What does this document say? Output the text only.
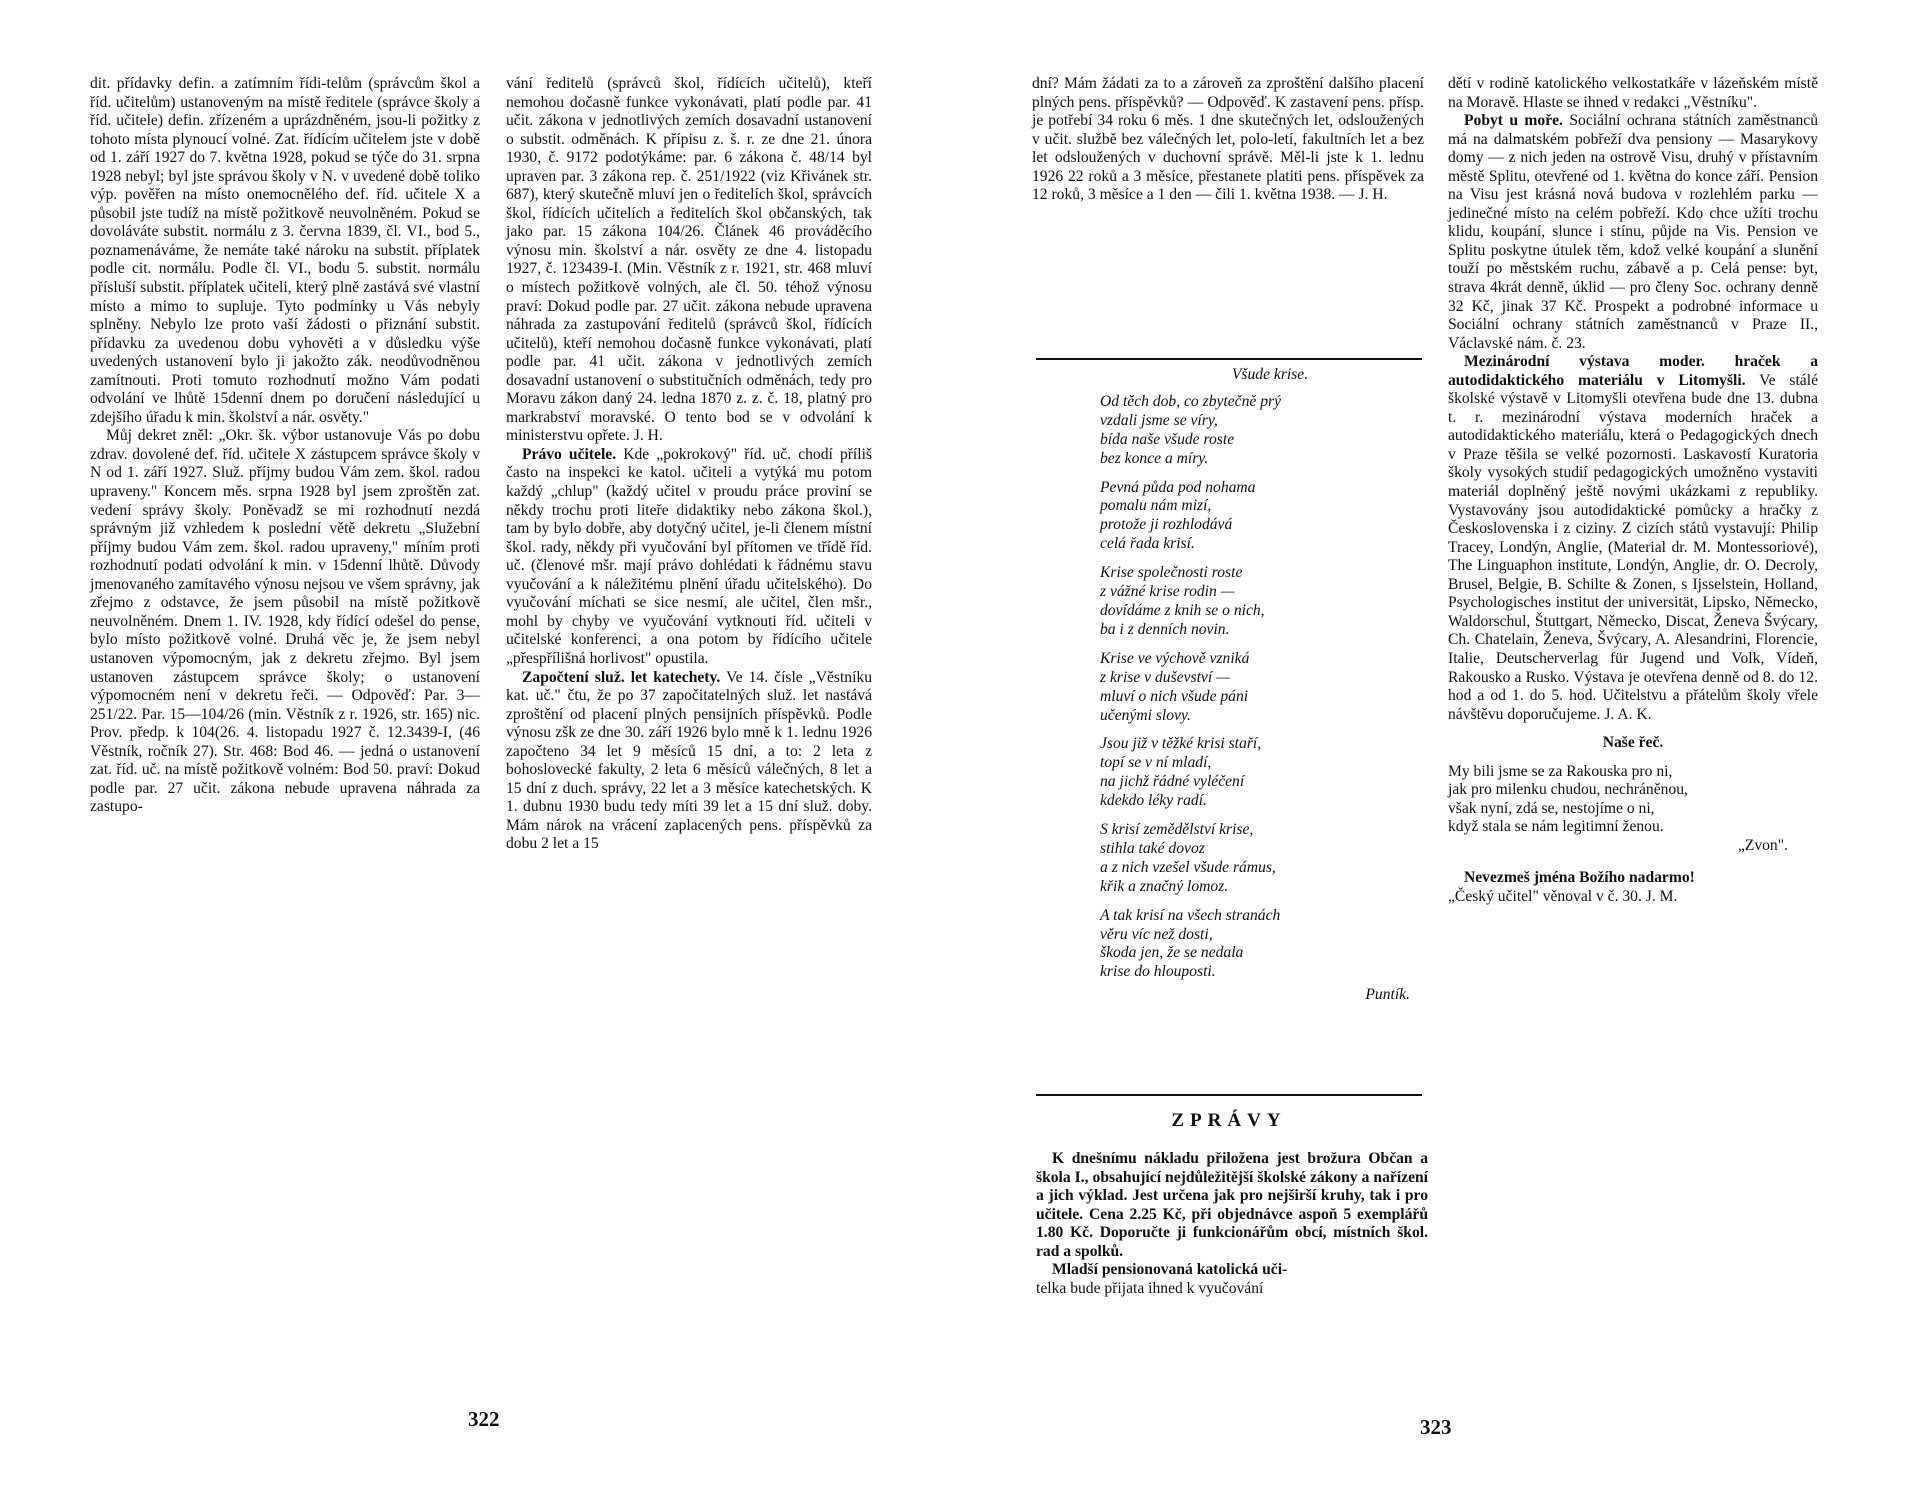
dit. přídavky defin. a zatímním řídi-telům (správcům škol a říd. učitelům) ustanoveným na místě ředitele (správce školy a říd. učitele) defin. zřízeném a uprázdněném, jsou-li požitky z tohoto místa plynoucí volné. Zat. řídícím učitelem jste v době od 1. září 1927 do 7. května 1928, pokud se týče do 31. srpna 1928 nebyl; byl jste správou školy v N. v uvedené době toliko výp. pověřen na místo onemocnělého def. říd. učitele X a působil jste tudíž na místě požitkově neuvolněném. Pokud se dovoláváte substit. normálu z 3. června 1839, čl. VI., bod 5., poznamenáváme, že nemáte také nároku na substit. příplatek podle cit. normálu. Podle čl. VI., bodu 5. substit. normálu přísluší substit. příplatek učiteli, který plně zastává své vlastní místo a mimo to supluje. Tyto podmínky u Vás nebyly splněny. Nebylo lze proto vaší žádosti o přiznání substit. přídavku za uvedenou dobu vyhověti a v důsledku výše uvedených ustanovení bylo ji jakožto zák. neodůvodněnou zamítnouti. Proti tomuto rozhodnutí možno Vám podati odvolání ve lhůtě 15denní dnem po doručení následující u zdejšího úřadu k min. školství a nár. osvěty."

Můj dekret zněl: „Okr. šk. výbor ustanovuje Vás po dobu zdrav. dovolené def. říd. učitele X zástupcem správce školy v N od 1. září 1927. Služ. příjmy budou Vám zem. škol. radou upraveny." Koncem měs. srpna 1928 byl jsem zproštěn zat. vedení správy školy. Poněvadž se mi rozhodnutí nezdá správným již vzhledem k poslední větě dekretu „Služební příjmy budou Vám zem. škol. radou upraveny," míním proti rozhodnutí podati odvolání k min. v 15denní lhůtě. Důvody jmenovaného zamítavého výnosu nejsou ve všem správny, jak zřejmo z odstavce, že jsem působil na místě požitkově neuvolněném. Dnem 1. IV. 1928, kdy řídící odešel do pense, bylo místo požitkově volné. Druhá věc je, že jsem nebyl ustanoven výpomocným, jak z dekretu zřejmo. Byl jsem ustanoven zástupcem správce školy; o ustanovení výpomocném není v dekretu řeči. — Odpověď: Par. 3—251/22. Par. 15—104/26 (min. Věstník z r. 1926, str. 165) nic. Prov. předp. k 104(26. 4. listopadu 1927 č. 12.3439-I, (46 Věstník, ročník 27). Str. 468: Bod 46. — jedná o ustanovení zat. říd. uč. na místě požitkově volném: Bod 50. praví: Dokud podle par. 27 učit. zákona nebude upravena náhrada za zastupo-

vání ředitelů (správců škol, řídících učitelů), kteří nemohou dočasně funkce vykonávati, platí podle par. 41 učit. zákona v jednotlivých zemích dosavadní ustanovení o substit. odměnách. K přípisu z. š. r. ze dne 21. února 1930, č. 9172 podotýkáme: par. 6 zákona č. 48/14 byl upraven par. 3 zákona rep. č. 251/1922 (viz Křivánek str. 687), který skutečně mluví jen o ředitelích škol, správcích škol, řídících učitelích a ředitelích škol občanských, tak jako par. 15 zákona 104/26. Článek 46 prováděcího výnosu min. školství a nár. osvěty ze dne 4. listopadu 1927, č. 123439-I. (Min. Věstník z r. 1921, str. 468 mluví o místech požitkově volných, ale čl. 50. téhož výnosu praví: Dokud podle par. 27 učit. zákona nebude upravena náhrada za zastupování ředitelů (správců škol, řídících učitelů), kteří nemohou dočasně funkce vykonávati, platí podle par. 41 učit. zákona v jednotlivých zemích dosavadní ustanovení o substitučních odměnách, tedy pro Moravu zákon daný 24. ledna 1870 z. z. č. 18, platný pro markrabství moravské. O tento bod se v odvolání k ministerstvu opřete. J. H.

Právo učitele. Kde „pokrokový" říd. uč. chodí příliš často na inspekci ke katol. učiteli a vytýká mu potom každý „chlup" (každý učitel v proudu práce proviní se někdy trochu proti liteře didaktiky nebo zákona škol.), tam by bylo dobře, aby dotyčný učitel, je-li členem místní škol. rady, někdy při vyučování byl přítomen ve třídě říd. uč. (členové mšr. mají právo dohlédati k řádnému stavu vyučování a k náležitému plnění úřadu učitelského). Do vyučování míchati se sice nesmí, ale učitel, člen mšr., mohl by chyby ve vyučování vytknouti říd. učiteli v učitelské konferenci, a ona potom by řídícího učitele „přespřílišná horlivost" opustila.

Započtení služ. let katechety. Ve 14. čísle „Věstníku kat. uč." čtu, že po 37 započitatelných služ. let nastává zproštění od placení plných pensijních příspěvků. Podle výnosu zšk ze dne 30. září 1926 bylo mně k 1. lednu 1926 započteno 34 let 9 měsíců 15 dní, a to: 2 leta z bohoslovecké fakulty, 2 leta 6 měsíců válečných, 8 let a 15 dní z duch. správy, 22 let a 3 měsíce katechetských. K 1. dubnu 1930 budu tedy míti 39 let a 15 dní služ. doby. Mám nárok na vrácení zaplacených pens. příspěvků za dobu 2 let a 15

322

dní? Mám žádati za to a zároveň za zproštění dalšího placení plných pens. příspěvků? — Odpověď. K zastavení pens. přísp. je potřebí 34 roku 6 měs. 1 dne skutečných let, odsloužených v učit. službě bez válečných let, polo-letí, fakultních let a bez let odsloužených v duchovní správě. Měl-li jste k 1. lednu 1926 22 roků a 3 měsíce, přestanete platiti pens. příspěvek za 12 roků, 3 měsíce a 1 den — čili 1. května 1938. — J. H.

Všude krise.
Od těch dob, co zbytečně prý
vzdali jsme se víry,
bída naše všude roste
bez konce a míry.
Pevná půda pod nohama
pomalu nám mizí,
protože ji rozhlodává
celá řada krisí.
Krise společnosti roste
z vážné krise rodin —
dovídáme z knih se o nich,
ba i z denních novin.
Krise ve výchově vzniká
z krise v duševství —
mluví o nich všude páni
učenými slovy.
Jsou již v těžké krisi staří,
topí se v ní mladí,
na jichž řádné vyléčení
kdekdo léky radí.
S krisí zemědělství krise,
stihla také dovoz
a z nich vzešel všude rámus,
křik a značný lomoz.
A tak krisí na všech stranách
věru víc než dosti,
škoda jen, že se nedala
krise do hlouposti.
Puntík.
ZPRÁVY

K dnešnímu nákladu přiložena jest brožura Občan a škola I., obsahující nejdůležitější školské zákony a nařízení a jich výklad. Jest určena jak pro nejširší kruhy, tak i pro učitele. Cena 2.25 Kč, při objednávce aspoň 5 exemplářů 1.80 Kč. Doporučte ji funkcionářům obcí, místních škol. rad a spolků.

Mladší pensionovaná katolická uči-
telka bude přijata ihned k vyučování

dětí v rodině katolického velkostatkáře v lázeňském místě na Moravě. Hlaste se ihned v redakci „Věstníku".

Pobyt u moře. Sociální ochrana státních zaměstnanců má na dalmatském pobřeží dva pensiony — Masarykovy domy — z nich jeden na ostrově Visu, druhý v přístavním městě Splitu, otevřené od 1. května do konce září. Pension na Visu jest krásná nová budova v rozlehlém parku — jedinečné místo na celém pobřeží. Kdo chce užíti trochu klidu, koupání, slunce i stínu, půjde na Vis. Pension ve Splitu poskytne útulek těm, kdož velké koupání a slunění touží po městském ruchu, zábavě a p. Celá pense: byt, strava 4krát denně, úklid — pro členy Soc. ochrany denně 32 Kč, jinak 37 Kč. Prospekt a podrobné informace u Sociální ochrany státních zaměstnanců v Praze II., Václavské nám. č. 23.

Mezinárodní výstava moder. hraček a autodidaktického materiálu v Litomyšli. Ve stálé školské výstavě v Litomyšli otevřena bude dne 13. dubna t. r. mezinárodní výstava moderních hraček a autodidaktického materiálu, která o Pedagogických dnech v Praze těšila se velké pozornosti. Laskavostí Kuratoria školy vysokých studií pedagogických umožněno vystaviti materiál doplněný ještě novými ukázkami z republiky. Vystavovány jsou autodidaktické pomůcky a hračky z Československa i z ciziny. Z cizích států vystavují: Philip Tracey, Londýn, Anglie, (Material dr. M. Montessoriové), The Linguaphon institute, Londýn, Anglie, dr. O. Decroly, Brusel, Belgie, B. Schilte & Zonen, s Ijsselstein, Holland, Psychologisches institut der universität, Lipsko, Německo, Waldorschul, Štuttgart, Německo, Discat, Ženeva Švýcary, Ch. Chatelain, Ženeva, Švýcary, A. Alesandrini, Florencie, Italie, Deutscherverlag für Jugend und Volk, Vídeň, Rakousko a Rusko. Výstava je otevřena denně od 8. do 12. hod a od 1. do 5. hod. Učitelstvu a přátelům školy vřele návštěvu doporučujeme. J. A. K.

Naše řeč.

My bili jsme se za Rakouska pro ni,
jak pro milenku chudou, nechráněnou,
však nyní, zdá se, nestojíme o ni,
když stala se nám legitimní ženou.
„Zvon".

Nevezmeš jména Božího nadarmo!
„Český učitel" věnoval v č. 30. J. M.

323
